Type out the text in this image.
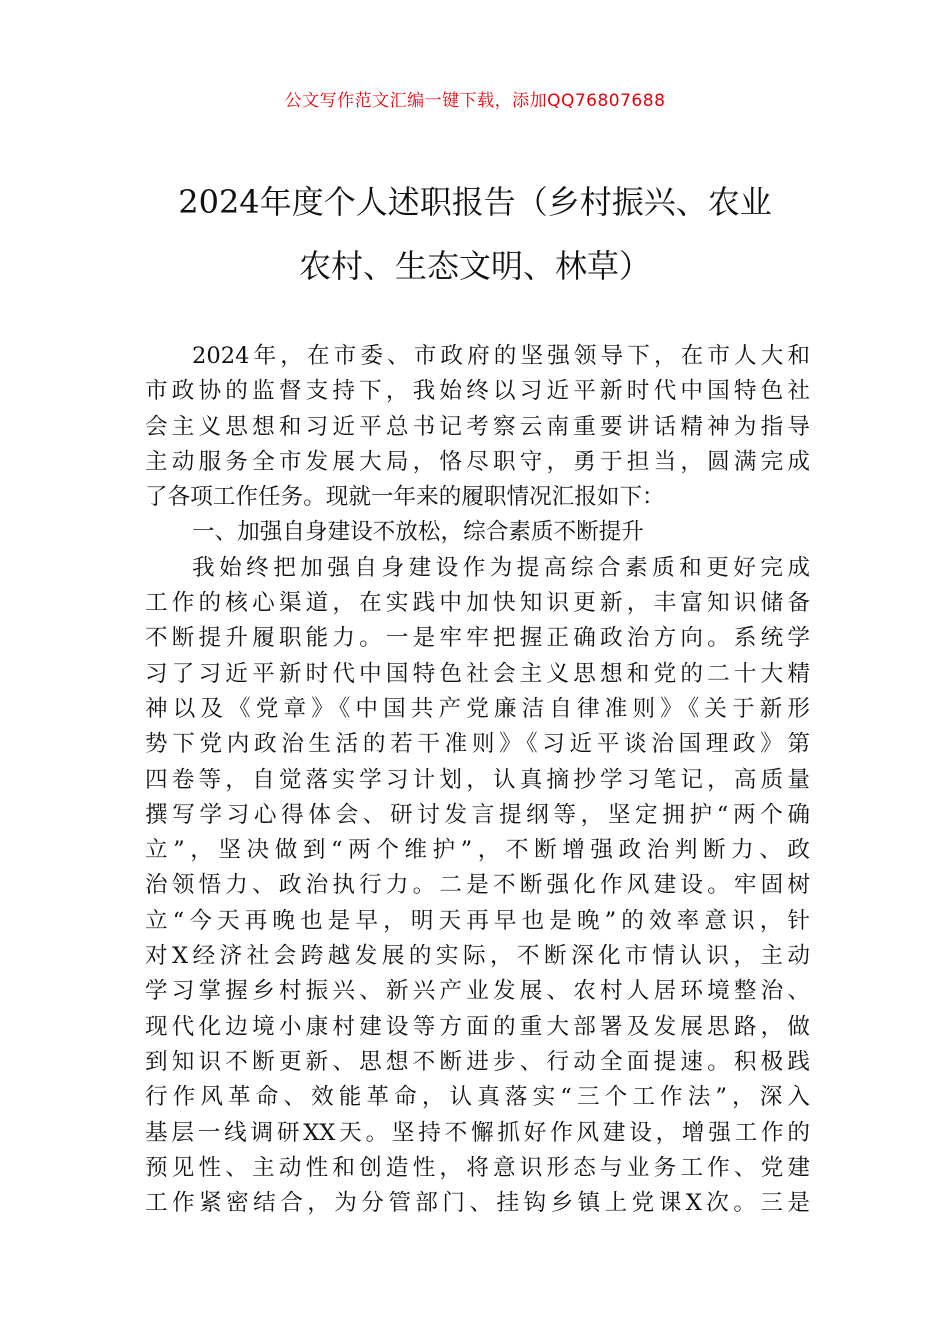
公文写作范文汇编一键下载，添加QQ76807688
2024年度个人述职报告（乡村振兴、农业
农村、生态文明、林草）
2024年，在市委、市政府的坚强领导下，在市人大和
市政协的监督支持下，我始终以习近平新时代中国特色社
会主义思想和习近平总书记考察云南重要讲话精神为指导
主动服务全市发展大局，恪尽职守，勇于担当，圆满完成
了各项工作任务。现就一年来的履职情况汇报如下：
一、加强自身建设不放松，综合素质不断提升
我始终把加强自身建设作为提高综合素质和更好完成
工作的核心渠道，在实践中加快知识更新，丰富知识储备
不断提升履职能力。一是牢牢把握正确政治方向。系统学
习了习近平新时代中国特色社会主义思想和党的二十大精
神以及《党章》《中国共产党廉洁自律准则》《关于新形
势下党内政治生活的若干准则》《习近平谈治国理政》第
四卷等，自觉落实学习计划，认真摘抄学习笔记，高质量
撰写学习心得体会、研讨发言提纲等，坚定拥护“两个确
立”，坚决做到“两个维护”，不断增强政治判断力、政
治领悟力、政治执行力。二是不断强化作风建设。牢固树
立“今天再晚也是早，明天再早也是晚”的效率意识，针
对X经济社会跨越发展的实际，不断深化市情认识，主动
学习掌握乡村振兴、新兴产业发展、农村人居环境整治、
现代化边境小康村建设等方面的重大部署及发展思路，做
到知识不断更新、思想不断进步、行动全面提速。积极践
行作风革命、效能革命，认真落实“三个工作法”，深入
基层一线调研XX天。坚持不懈抓好作风建设，增强工作的
预见性、主动性和创造性，将意识形态与业务工作、党建
工作紧密结合，为分管部门、挂钩乡镇上党课X次。三是
